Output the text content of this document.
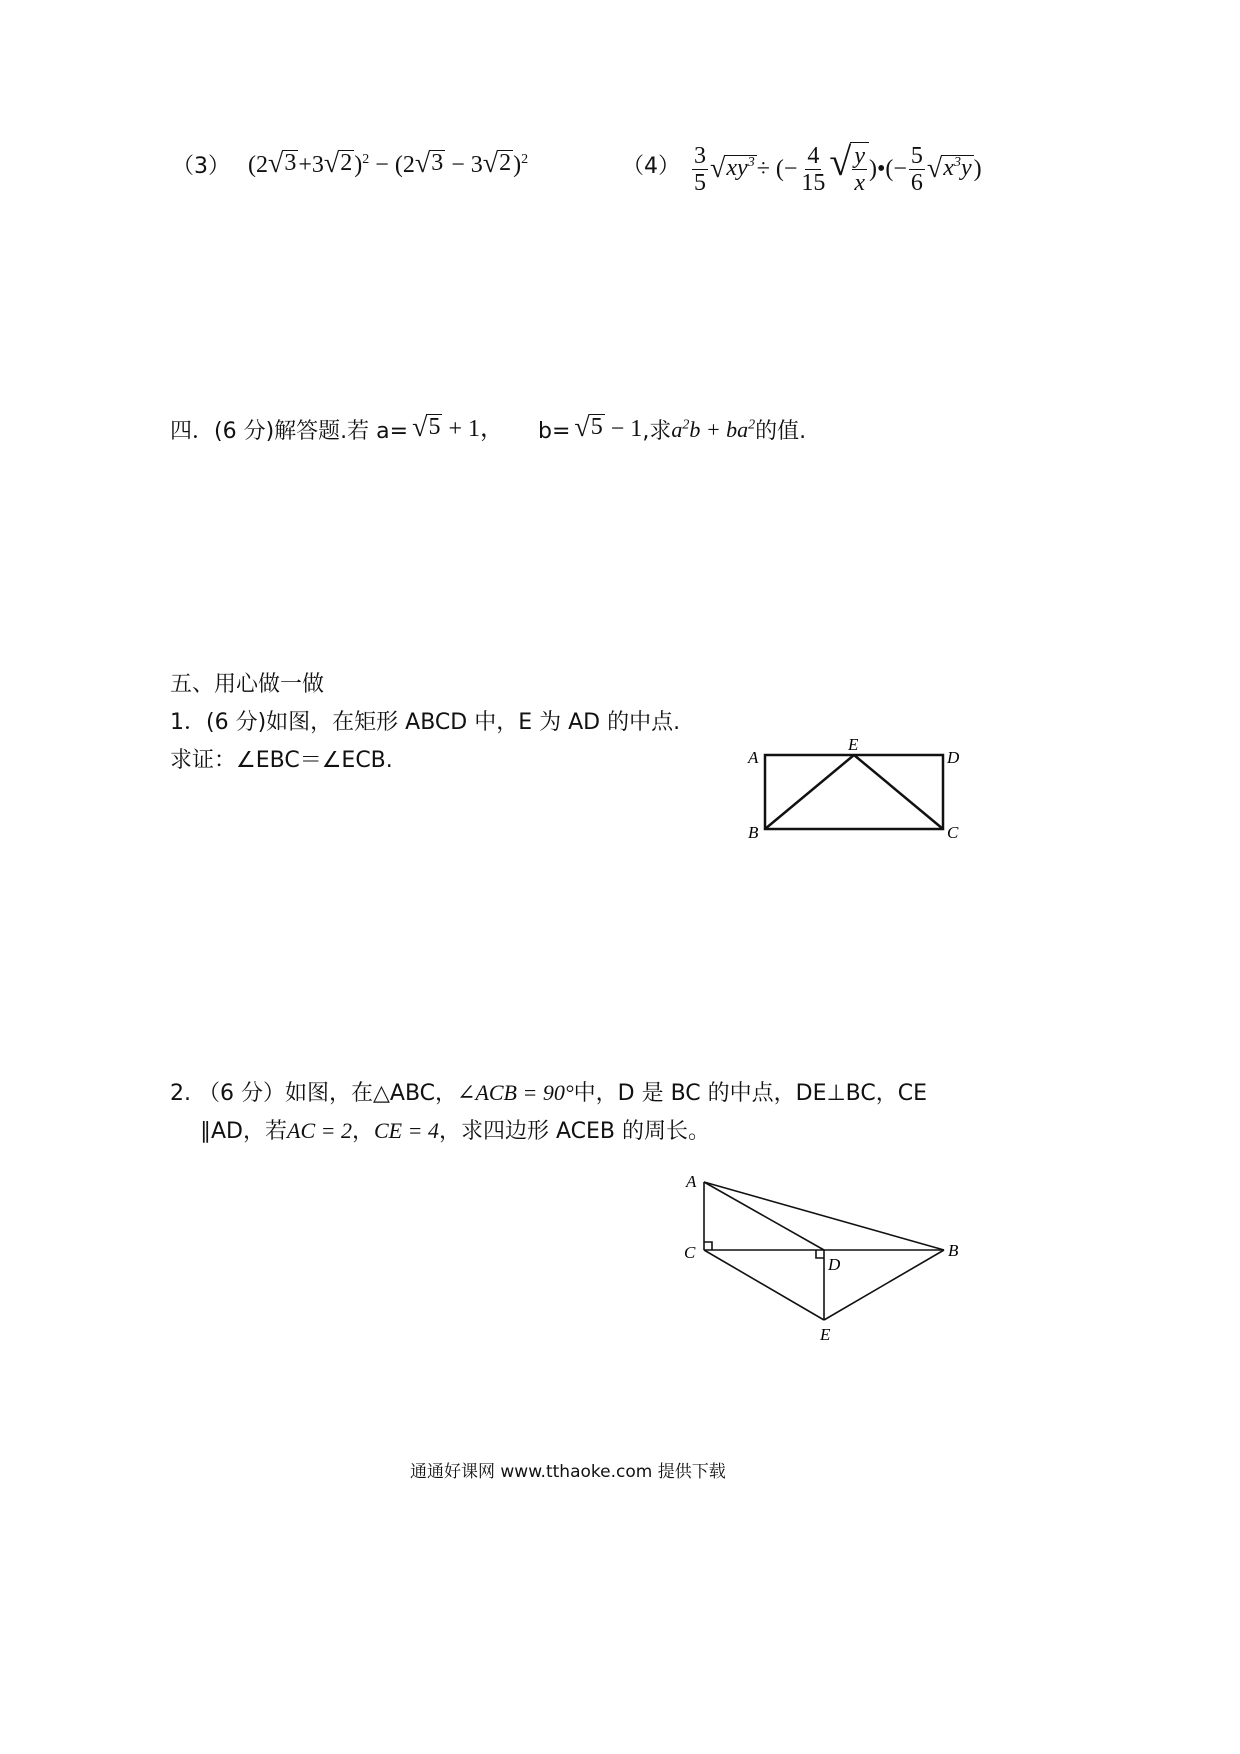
（3） (2 √ 3 +3 √ 2 )$^2$ − (2 √ 3 − 3 √ 2 )$^2$	$(4) \frac{3}{5}$ √ $xy^3$ ÷ (− $\frac{4}{15}$ √ $\frac{y}{x}$ )•(− $\frac{5}{6}$ √ $x^3y$ )
四．(6 分)解答题.若 a= √ 5 + 1， b= √ 5 − 1 ,求 $a^2b + ba^2$ 的值.
五、用心做一做
1．(6 分)如图，在矩形 ABCD 中，E 为 AD 的中点.
求证：∠EBC＝∠ECB.	A
E
D
B	C
2. （6 分）如图，在△ABC， ∠ACB = 90° 中，D 是 BC 的中点，DE⊥BC，CE
∥AD，若 AC = 2 ， CE = 4 ，求四边形 ACEB 的周长。
A
C
D
B
E
通通好课网 www.tthaoke.com 提供下载
